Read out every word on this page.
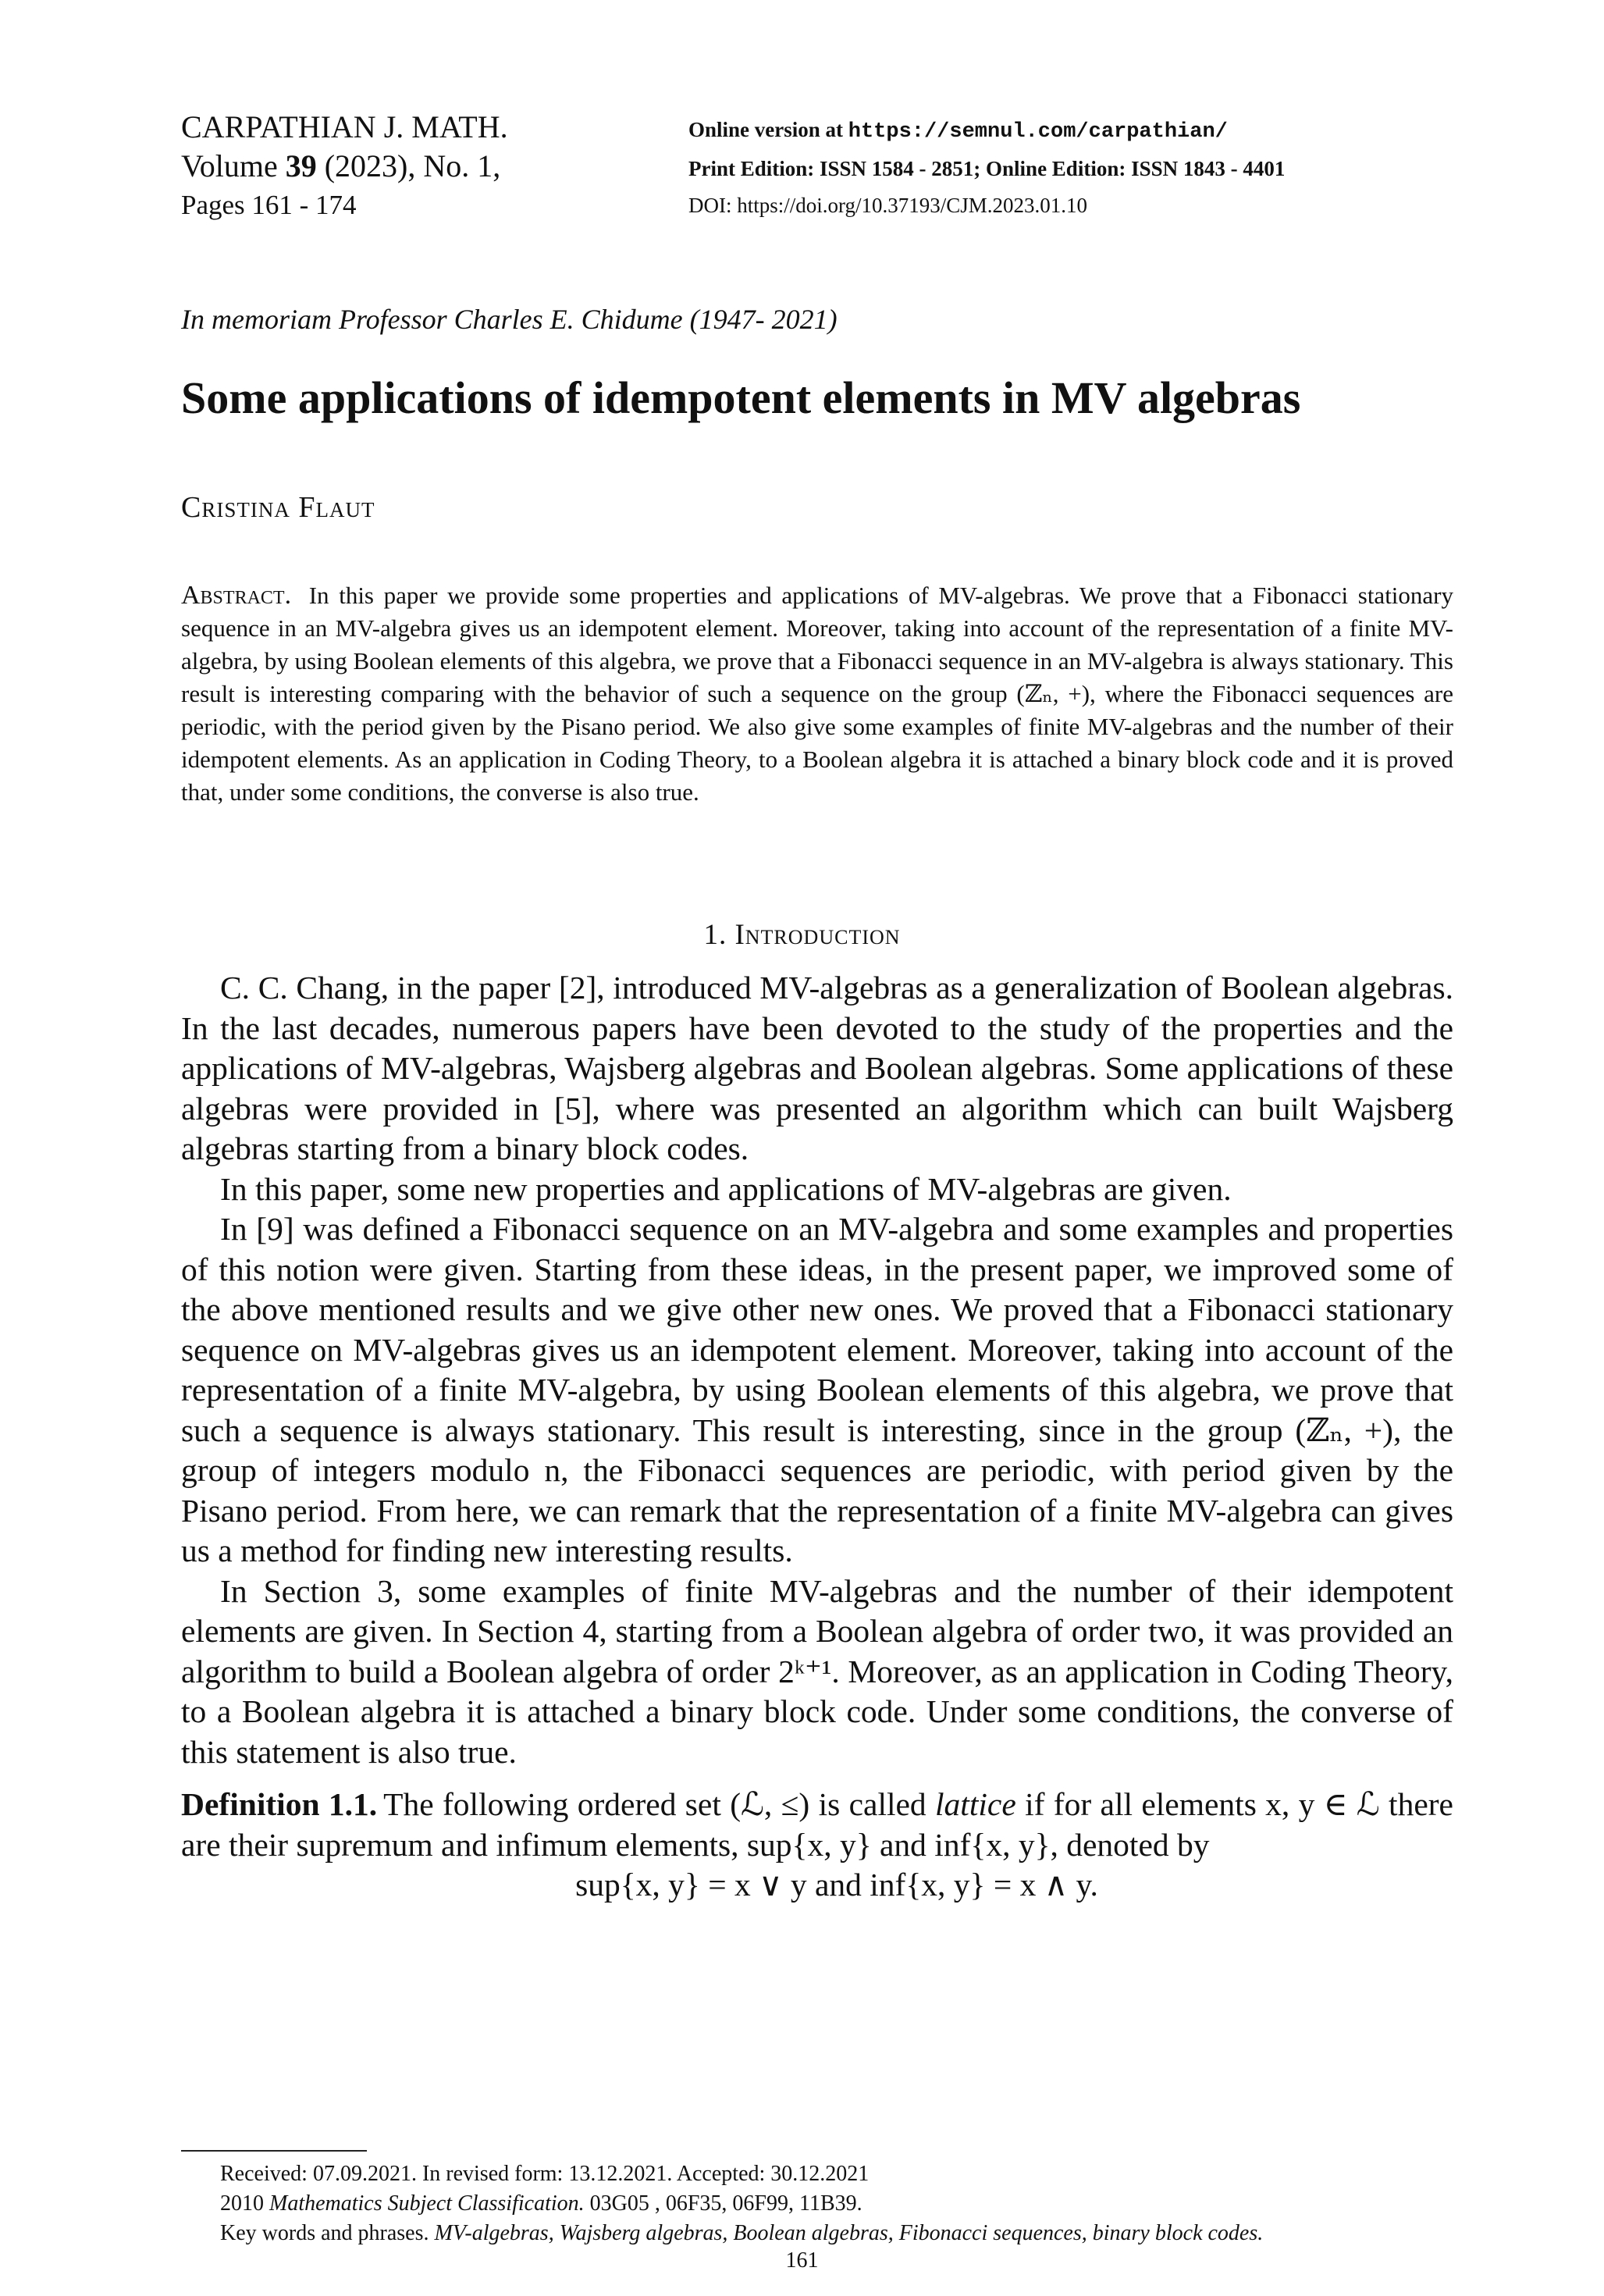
CARPATHIAN J. MATH.
Volume 39 (2023), No. 1,
Pages 161 - 174
Online version at https://semnul.com/carpathian/
Print Edition: ISSN 1584 - 2851; Online Edition: ISSN 1843 - 4401
DOI: https://doi.org/10.37193/CJM.2023.01.10
In memoriam Professor Charles E. Chidume (1947- 2021)
Some applications of idempotent elements in MV algebras
Cristina Flaut
Abstract. In this paper we provide some properties and applications of MV-algebras. We prove that a Fibonacci stationary sequence in an MV-algebra gives us an idempotent element. Moreover, taking into account of the representation of a finite MV-algebra, by using Boolean elements of this algebra, we prove that a Fibonacci sequence in an MV-algebra is always stationary. This result is interesting comparing with the behavior of such a sequence on the group (ℤₙ, +), where the Fibonacci sequences are periodic, with the period given by the Pisano period. We also give some examples of finite MV-algebras and the number of their idempotent elements. As an application in Coding Theory, to a Boolean algebra it is attached a binary block code and it is proved that, under some conditions, the converse is also true.
1. Introduction

C. C. Chang, in the paper [2], introduced MV-algebras as a generalization of Boolean algebras. In the last decades, numerous papers have been devoted to the study of the properties and the applications of MV-algebras, Wajsberg algebras and Boolean algebras. Some applications of these algebras were provided in [5], where was presented an algorithm which can built Wajsberg algebras starting from a binary block codes.

In this paper, some new properties and applications of MV-algebras are given.

In [9] was defined a Fibonacci sequence on an MV-algebra and some examples and properties of this notion were given. Starting from these ideas, in the present paper, we improved some of the above mentioned results and we give other new ones. We proved that a Fibonacci stationary sequence on MV-algebras gives us an idempotent element. Moreover, taking into account of the representation of a finite MV-algebra, by using Boolean elements of this algebra, we prove that such a sequence is always stationary. This result is interesting, since in the group (ℤₙ, +), the group of integers modulo n, the Fibonacci sequences are periodic, with period given by the Pisano period. From here, we can remark that the representation of a finite MV-algebra can gives us a method for finding new interesting results.

In Section 3, some examples of finite MV-algebras and the number of their idempotent elements are given. In Section 4, starting from a Boolean algebra of order two, it was provided an algorithm to build a Boolean algebra of order 2ᵏ⁺¹. Moreover, as an application in Coding Theory, to a Boolean algebra it is attached a binary block code. Under some conditions, the converse of this statement is also true.

Definition 1.1. The following ordered set (ℒ, ≤) is called lattice if for all elements x, y ∈ ℒ there are their supremum and infimum elements, sup{x, y} and inf{x, y}, denoted by

sup{x, y} = x ∨ y and inf{x, y} = x ∧ y.

Received: 07.09.2021. In revised form: 13.12.2021. Accepted: 30.12.2021
2010 Mathematics Subject Classification. 03G05 , 06F35, 06F99, 11B39.
Key words and phrases. MV-algebras, Wajsberg algebras, Boolean algebras, Fibonacci sequences, binary block codes.
161
